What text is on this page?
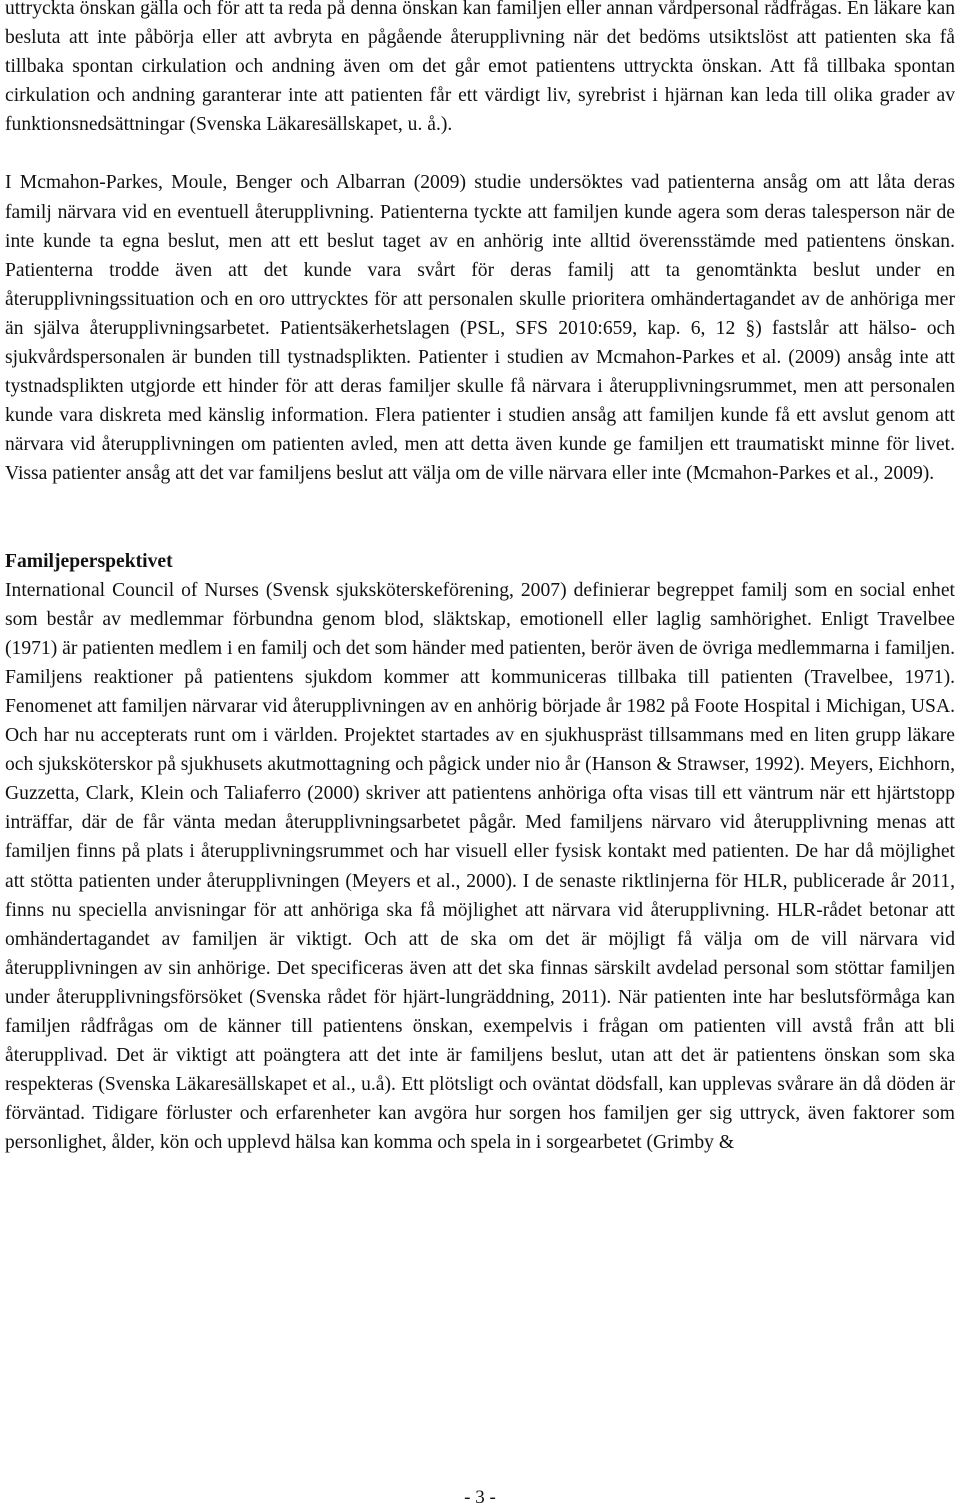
uttryckta önskan gälla och för att ta reda på denna önskan kan familjen eller annan vårdpersonal rådfrågas. En läkare kan besluta att inte påbörja eller att avbryta en pågående återupplivning när det bedöms utsiktslöst att patienten ska få tillbaka spontan cirkulation och andning även om det går emot patientens uttryckta önskan. Att få tillbaka spontan cirkulation och andning garanterar inte att patienten får ett värdigt liv, syrebrist i hjärnan kan leda till olika grader av funktionsnedsättningar (Svenska Läkaresällskapet, u. å.).

I Mcmahon-Parkes, Moule, Benger och Albarran (2009) studie undersöktes vad patienterna ansåg om att låta deras familj närvara vid en eventuell återupplivning. Patienterna tyckte att familjen kunde agera som deras talesperson när de inte kunde ta egna beslut, men att ett beslut taget av en anhörig inte alltid överensstämde med patientens önskan. Patienterna trodde även att det kunde vara svårt för deras familj att ta genomtänkta beslut under en återupplivningssituation och en oro uttrycktes för att personalen skulle prioritera omhändertagandet av de anhöriga mer än själva återupplivningsarbetet. Patientsäkerhetslagen (PSL, SFS 2010:659, kap. 6, 12 §) fastslår att hälso- och sjukvårdspersonalen är bunden till tystnadsplikten. Patienter i studien av Mcmahon-Parkes et al. (2009) ansåg inte att tystnadsplikten utgjorde ett hinder för att deras familjer skulle få närvara i återupplivningsrummet, men att personalen kunde vara diskreta med känslig information. Flera patienter i studien ansåg att familjen kunde få ett avslut genom att närvara vid återupplivningen om patienten avled, men att detta även kunde ge familjen ett traumatiskt minne för livet. Vissa patienter ansåg att det var familjens beslut att välja om de ville närvara eller inte (Mcmahon-Parkes et al., 2009).

Familjeperspektivet

International Council of Nurses (Svensk sjuksköterskeförening, 2007) definierar begreppet familj som en social enhet som består av medlemmar förbundna genom blod, släktskap, emotionell eller laglig samhörighet. Enligt Travelbee (1971) är patienten medlem i en familj och det som händer med patienten, berör även de övriga medlemmarna i familjen. Familjens reaktioner på patientens sjukdom kommer att kommuniceras tillbaka till patienten (Travelbee, 1971). Fenomenet att familjen närvarar vid återupplivningen av en anhörig började år 1982 på Foote Hospital i Michigan, USA. Och har nu accepterats runt om i världen. Projektet startades av en sjukhuspräst tillsammans med en liten grupp läkare och sjuksköterskor på sjukhusets akutmottagning och pågick under nio år (Hanson & Strawser, 1992). Meyers, Eichhorn, Guzzetta, Clark, Klein och Taliaferro (2000) skriver att patientens anhöriga ofta visas till ett väntrum när ett hjärtstopp inträffar, där de får vänta medan återupplivningsarbetet pågår. Med familjens närvaro vid återupplivning menas att familjen finns på plats i återupplivningsrummet och har visuell eller fysisk kontakt med patienten. De har då möjlighet att stötta patienten under återupplivningen (Meyers et al., 2000). I de senaste riktlinjerna för HLR, publicerade år 2011, finns nu speciella anvisningar för att anhöriga ska få möjlighet att närvara vid återupplivning. HLR-rådet betonar att omhändertagandet av familjen är viktigt. Och att de ska om det är möjligt få välja om de vill närvara vid återupplivningen av sin anhörige. Det specificeras även att det ska finnas särskilt avdelad personal som stöttar familjen under återupplivningsförsöket (Svenska rådet för hjärt-lungräddning, 2011). När patienten inte har beslutsförmåga kan familjen rådfrågas om de känner till patientens önskan, exempelvis i frågan om patienten vill avstå från att bli återupplivad. Det är viktigt att poängtera att det inte är familjens beslut, utan att det är patientens önskan som ska respekteras (Svenska Läkaresällskapet et al., u.å). Ett plötsligt och oväntat dödsfall, kan upplevas svårare än då döden är förväntad. Tidigare förluster och erfarenheter kan avgöra hur sorgen hos familjen ger sig uttryck, även faktorer som personlighet, ålder, kön och upplevd hälsa kan komma och spela in i sorgearbetet (Grimby &

- 3 -
